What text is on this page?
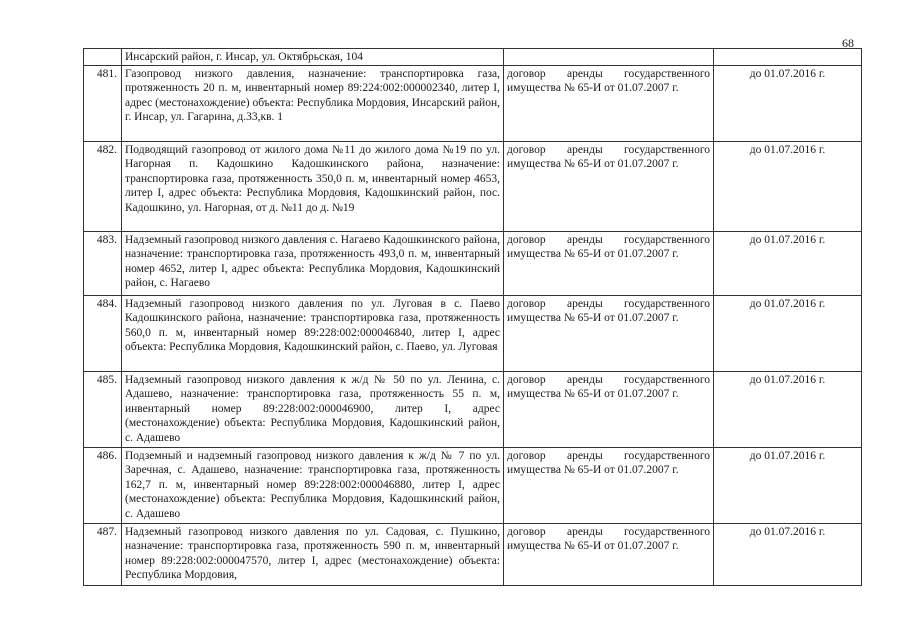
68

	Инсарский район, г. Инсар, ул. Октябрьская, 104		

481.	Газопровод низкого давления, назначение: транспортировка газа, протяженность 20 п. м, инвентарный номер 89:224:002:000002340, литер I, адрес (местонахождение) объекта: Республика Мордовия, Инсарский район, г. Инсар, ул. Гагарина, д.33,кв. 1	договор аренды государственного имущества № 65-И от 01.07.2007 г.	до 01.07.2016 г.
482.	Подводящий газопровод от жилого дома №11 до жилого дома №19 по ул. Нагорная п. Кадошкино Кадошкинского района, назначение: транспортировка газа, протяженность 350,0 п. м, инвентарный номер 4653, литер I, адрес объекта: Республика Мордовия, Кадошкинский район, пос. Кадошкино, ул. Нагорная, от д. №11 до д. №19	договор аренды государственного имущества № 65-И от 01.07.2007 г.	до 01.07.2016 г.
483.	Надземный газопровод низкого давления с. Нагаево Кадошкинского района, назначение: транспортировка газа, протяженность 493,0 п. м, инвентарный номер 4652, литер I, адрес объекта: Республика Мордовия, Кадошкинский район, с. Нагаево	договор аренды государственного имущества № 65-И от 01.07.2007 г.	до 01.07.2016 г.
484.	Надземный газопровод низкого давления по ул. Луговая в с. Паево Кадошкинского района, назначение: транспортировка газа, протяженность 560,0 п. м, инвентарный номер 89:228:002:000046840, литер I, адрес объекта: Республика Мордовия, Кадошкинский район, с. Паево, ул. Луговая	договор аренды государственного имущества № 65-И от 01.07.2007 г.	до 01.07.2016 г.
485.	Надземный газопровод низкого давления к ж/д № 50 по ул. Ленина, с. Адашево, назначение: транспортировка газа, протяженность 55 п. м, инвентарный номер 89:228:002:000046900, литер I, адрес (местонахождение) объекта: Республика Мордовия, Кадошкинский район, с. Адашево	договор аренды государственного имущества № 65-И от 01.07.2007 г.	до 01.07.2016 г.
486.	Подземный и надземный газопровод низкого давления к ж/д № 7 по ул. Заречная, с. Адашево, назначение: транспортировка газа, протяженность 162,7 п. м, инвентарный номер 89:228:002:000046880, литер I, адрес (местонахождение) объекта: Республика Мордовия, Кадошкинский район, с. Адашево	договор аренды государственного имущества № 65-И от 01.07.2007 г.	до 01.07.2016 г.
487.	Надземный газопровод низкого давления по ул. Садовая, с. Пушкино, назначение: транспортировка газа, протяженность 590 п. м, инвентарный номер 89:228:002:000047570, литер I, адрес (местонахождение) объекта: Республика Мордовия,	договор аренды государственного имущества № 65-И от 01.07.2007 г.	до 01.07.2016 г.
